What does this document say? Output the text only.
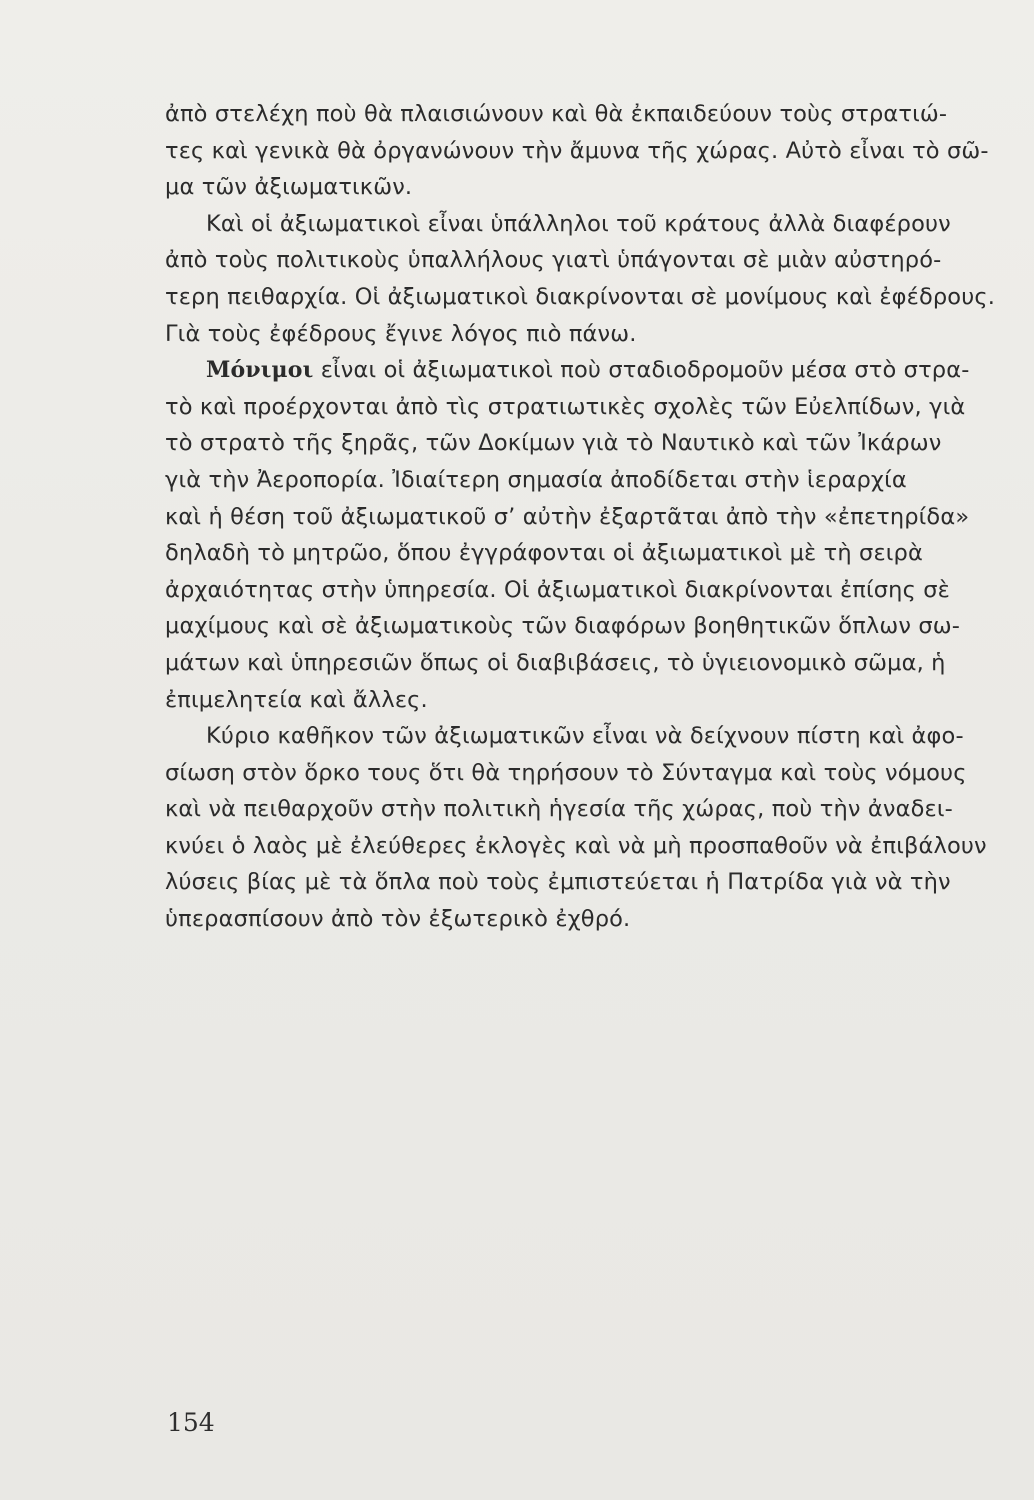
ἀπὸ στελέχη ποὺ θὰ πλαισιώνουν καὶ θὰ ἐκπαιδεύουν τοὺς στρατιώ-
τες καὶ γενικὰ θὰ ὀργανώνουν τὴν ἄμυνα τῆς χώρας. Αὐτὸ εἶναι τὸ σῶ-
μα τῶν ἀξιωματικῶν.

Καὶ οἱ ἀξιωματικοὶ εἶναι ὑπάλληλοι τοῦ κράτους ἀλλὰ διαφέρουν
ἀπὸ τοὺς πολιτικοὺς ὑπαλλήλους γιατὶ ὑπάγονται σὲ μιὰν αὐστηρό-
τερη πειθαρχία. Οἱ ἀξιωματικοὶ διακρίνονται σὲ μονίμους καὶ ἐφέδρους.
Γιὰ τοὺς ἐφέδρους ἔγινε λόγος πιὸ πάνω.

Μόνιμοι εἶναι οἱ ἀξιωματικοὶ ποὺ σταδιοδρομοῦν μέσα στὸ στρα-
τὸ καὶ προέρχονται ἀπὸ τὶς στρατιωτικὲς σχολὲς τῶν Εὐελπίδων, γιὰ
τὸ στρατὸ τῆς ξηρᾶς, τῶν Δοκίμων γιὰ τὸ Ναυτικὸ καὶ τῶν Ἰκάρων
γιὰ τὴν Ἀεροπορία. Ἰδιαίτερη σημασία ἀποδίδεται στὴν ἱεραρχία
καὶ ἡ θέση τοῦ ἀξιωματικοῦ σ’ αὐτὴν ἐξαρτᾶται ἀπὸ τὴν «ἐπετηρίδα»
δηλαδὴ τὸ μητρῶο, ὅπου ἐγγράφονται οἱ ἀξιωματικοὶ μὲ τὴ σειρὰ
ἀρχαιότητας στὴν ὑπηρεσία. Οἱ ἀξιωματικοὶ διακρίνονται ἐπίσης σὲ
μαχίμους καὶ σὲ ἀξιωματικοὺς τῶν διαφόρων βοηθητικῶν ὅπλων σω-
μάτων καὶ ὑπηρεσιῶν ὅπως οἱ διαβιβάσεις, τὸ ὑγιειονομικὸ σῶμα, ἡ
ἐπιμελητεία καὶ ἄλλες.

Κύριο καθῆκον τῶν ἀξιωματικῶν εἶναι νὰ δείχνουν πίστη καὶ ἀφο-
σίωση στὸν ὅρκο τους ὅτι θὰ τηρήσουν τὸ Σύνταγμα καὶ τοὺς νόμους
καὶ νὰ πειθαρχοῦν στὴν πολιτικὴ ἡγεσία τῆς χώρας, ποὺ τὴν ἀναδει-
κνύει ὁ λαὸς μὲ ἐλεύθερες ἐκλογὲς καὶ νὰ μὴ προσπαθοῦν νὰ ἐπιβάλουν
λύσεις βίας μὲ τὰ ὅπλα ποὺ τοὺς ἐμπιστεύεται ἡ Πατρίδα γιὰ νὰ τὴν
ὑπερασπίσουν ἀπὸ τὸν ἐξωτερικὸ ἐχθρό.

154
